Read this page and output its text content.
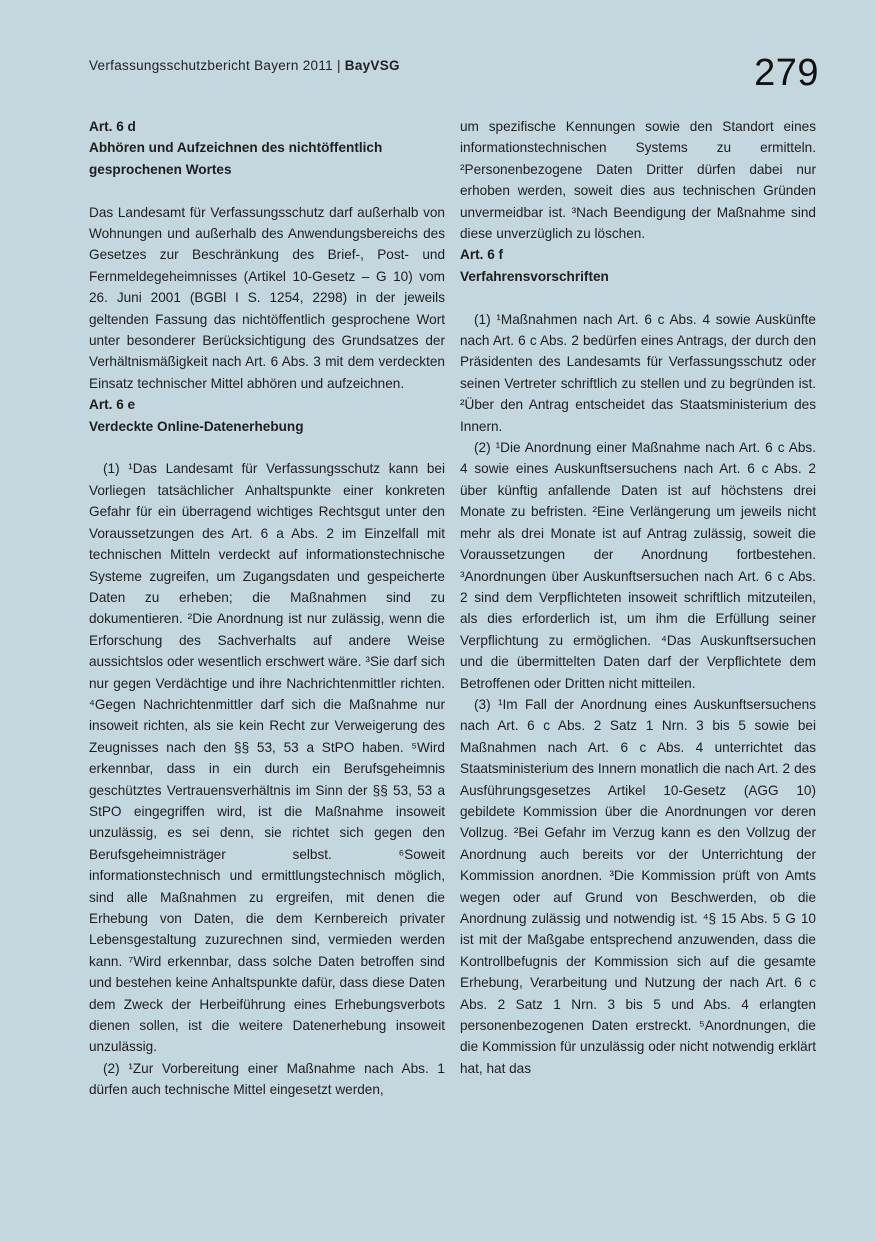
Verfassungsschutzbericht Bayern 2011 | BayVSG	279

Art. 6 d

Abhören und Aufzeichnen des nichtöffentlich gesprochenen Wortes

Das Landesamt für Verfassungsschutz darf außerhalb von Wohnungen und außerhalb des Anwendungsbereichs des Gesetzes zur Beschränkung des Brief-, Post- und Fernmeldegeheimnisses (Artikel 10-Gesetz – G 10) vom 26. Juni 2001 (BGBl I S. 1254, 2298) in der jeweils geltenden Fassung das nichtöffentlich gesprochene Wort unter besonderer Berücksichtigung des Grundsatzes der Verhältnismäßigkeit nach Art. 6 Abs. 3 mit dem verdeckten Einsatz technischer Mittel abhören und aufzeichnen.

Art. 6 e

Verdeckte Online-Datenerhebung

(1) ¹Das Landesamt für Verfassungsschutz kann bei Vorliegen tatsächlicher Anhaltspunkte einer konkreten Gefahr für ein überragend wichtiges Rechtsgut unter den Voraussetzungen des Art. 6 a Abs. 2 im Einzelfall mit technischen Mitteln verdeckt auf informationstechnische Systeme zugreifen, um Zugangsdaten und gespeicherte Daten zu erheben; die Maßnahmen sind zu dokumentieren. ²Die Anordnung ist nur zulässig, wenn die Erforschung des Sachverhalts auf andere Weise aussichtslos oder wesentlich erschwert wäre. ³Sie darf sich nur gegen Verdächtige und ihre Nachrichtenmittler richten. ⁴Gegen Nachrichtenmittler darf sich die Maßnahme nur insoweit richten, als sie kein Recht zur Verweigerung des Zeugnisses nach den §§ 53, 53 a StPO haben. ⁵Wird erkennbar, dass in ein durch ein Berufsgeheimnis geschütztes Vertrauensverhältnis im Sinn der §§ 53, 53 a StPO eingegriffen wird, ist die Maßnahme insoweit unzulässig, es sei denn, sie richtet sich gegen den Berufsgeheimnisträger selbst. ⁶Soweit informationstechnisch und ermittlungstechnisch möglich, sind alle Maßnahmen zu ergreifen, mit denen die Erhebung von Daten, die dem Kernbereich privater Lebensgestaltung zuzurechnen sind, vermieden werden kann. ⁷Wird erkennbar, dass solche Daten betroffen sind und bestehen keine Anhaltspunkte dafür, dass diese Daten dem Zweck der Herbeiführung eines Erhebungsverbots dienen sollen, ist die weitere Datenerhebung insoweit unzulässig.

(2) ¹Zur Vorbereitung einer Maßnahme nach Abs. 1 dürfen auch technische Mittel eingesetzt werden,

um spezifische Kennungen sowie den Standort eines informationstechnischen Systems zu ermitteln. ²Personenbezogene Daten Dritter dürfen dabei nur erhoben werden, soweit dies aus technischen Gründen unvermeidbar ist. ³Nach Beendigung der Maßnahme sind diese unverzüglich zu löschen.

Art. 6 f

Verfahrensvorschriften

(1) ¹Maßnahmen nach Art. 6 c Abs. 4 sowie Auskünfte nach Art. 6 c Abs. 2 bedürfen eines Antrags, der durch den Präsidenten des Landesamts für Verfassungsschutz oder seinen Vertreter schriftlich zu stellen und zu begründen ist. ²Über den Antrag entscheidet das Staatsministerium des Innern.

(2) ¹Die Anordnung einer Maßnahme nach Art. 6 c Abs. 4 sowie eines Auskunftsersuchens nach Art. 6 c Abs. 2 über künftig anfallende Daten ist auf höchstens drei Monate zu befristen. ²Eine Verlängerung um jeweils nicht mehr als drei Monate ist auf Antrag zulässig, soweit die Voraussetzungen der Anordnung fortbestehen. ³Anordnungen über Auskunftsersuchen nach Art. 6 c Abs. 2 sind dem Verpflichteten insoweit schriftlich mitzuteilen, als dies erforderlich ist, um ihm die Erfüllung seiner Verpflichtung zu ermöglichen. ⁴Das Auskunftsersuchen und die übermittelten Daten darf der Verpflichtete dem Betroffenen oder Dritten nicht mitteilen.

(3) ¹Im Fall der Anordnung eines Auskunftsersuchens nach Art. 6 c Abs. 2 Satz 1 Nrn. 3 bis 5 sowie bei Maßnahmen nach Art. 6 c Abs. 4 unterrichtet das Staatsministerium des Innern monatlich die nach Art. 2 des Ausführungsgesetzes Artikel 10-Gesetz (AGG 10) gebildete Kommission über die Anordnungen vor deren Vollzug. ²Bei Gefahr im Verzug kann es den Vollzug der Anordnung auch bereits vor der Unterrichtung der Kommission anordnen. ³Die Kommission prüft von Amts wegen oder auf Grund von Beschwerden, ob die Anordnung zulässig und notwendig ist. ⁴§ 15 Abs. 5 G 10 ist mit der Maßgabe entsprechend anzuwenden, dass die Kontrollbefugnis der Kommission sich auf die gesamte Erhebung, Verarbeitung und Nutzung der nach Art. 6 c Abs. 2 Satz 1 Nrn. 3 bis 5 und Abs. 4 erlangten personenbezogenen Daten erstreckt. ⁵Anordnungen, die die Kommission für unzulässig oder nicht notwendig erklärt hat, hat das
